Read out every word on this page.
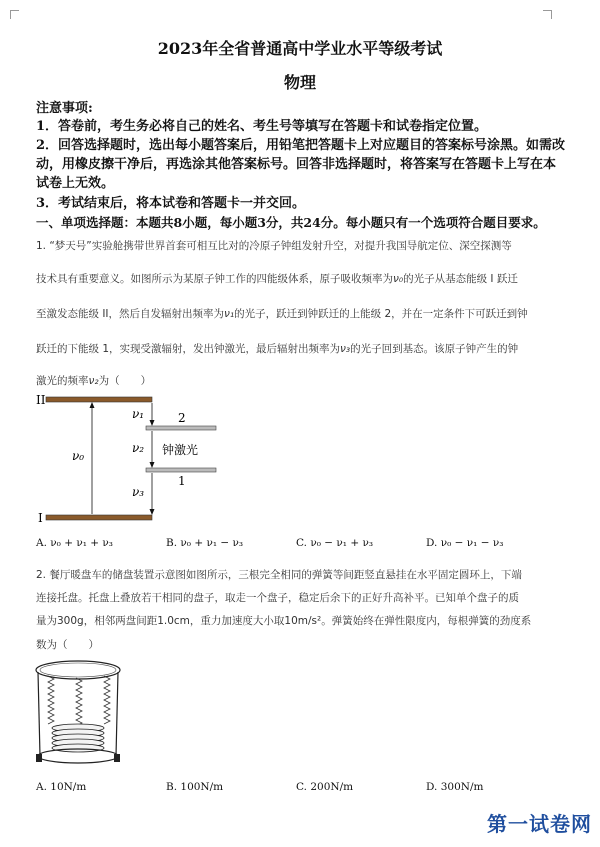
2023年全省普通高中学业水平等级考试
物理
注意事项:
1．答卷前，考生务必将自己的姓名、考生号等填写在答题卡和试卷指定位置。
2．回答选择题时，选出每小题答案后，用铅笔把答题卡上对应题目的答案标号涂黑。如需改
动，用橡皮擦干净后，再选涂其他答案标号。回答非选择题时，将答案写在答题卡上写在本
试卷上无效。
3．考试结束后，将本试卷和答题卡一并交回。
一、单项选择题：本题共8小题，每小题3分，共24分。每小题只有一个选项符合题目要求。
1. “梦天号”实验舱携带世界首套可相互比对的冷原子钟组发射升空，对提升我国导航定位、深空探测等
技术具有重要意义。如图所示为某原子钟工作的四能级体系，原子吸收频率为ν₀的光子从基态能级 I 跃迁
至激发态能级 II，然后自发辐射出频率为ν₁的光子，跃迁到钟跃迁的上能级 2，并在一定条件下可跃迁到钟
跃迁的下能级 1，实现受激辐射，发出钟激光，最后辐射出频率为ν₃的光子回到基态。该原子钟产生的钟
激光的频率ν₂为（　　）
II
I
2
1
钟激光
ν₀
ν₁
ν₂
ν₃
A. ν₀ + ν₁ + ν₃	B. ν₀ + ν₁ − ν₃	C. ν₀ − ν₁ + ν₃	D. ν₀ − ν₁ − ν₃
2. 餐厅暖盘车的储盘装置示意图如图所示，三根完全相同的弹簧等间距竖直悬挂在水平固定圆环上，下端
连接托盘。托盘上叠放若干相同的盘子，取走一个盘子，稳定后余下的正好升高补平。已知单个盘子的质
量为300g，相邻两盘间距1.0cm，重力加速度大小取10m/s²。弹簧始终在弹性限度内，每根弹簧的劲度系
数为（　　）
A. 10N/m	B. 100N/m	C. 200N/m	D. 300N/m
第一试卷网
